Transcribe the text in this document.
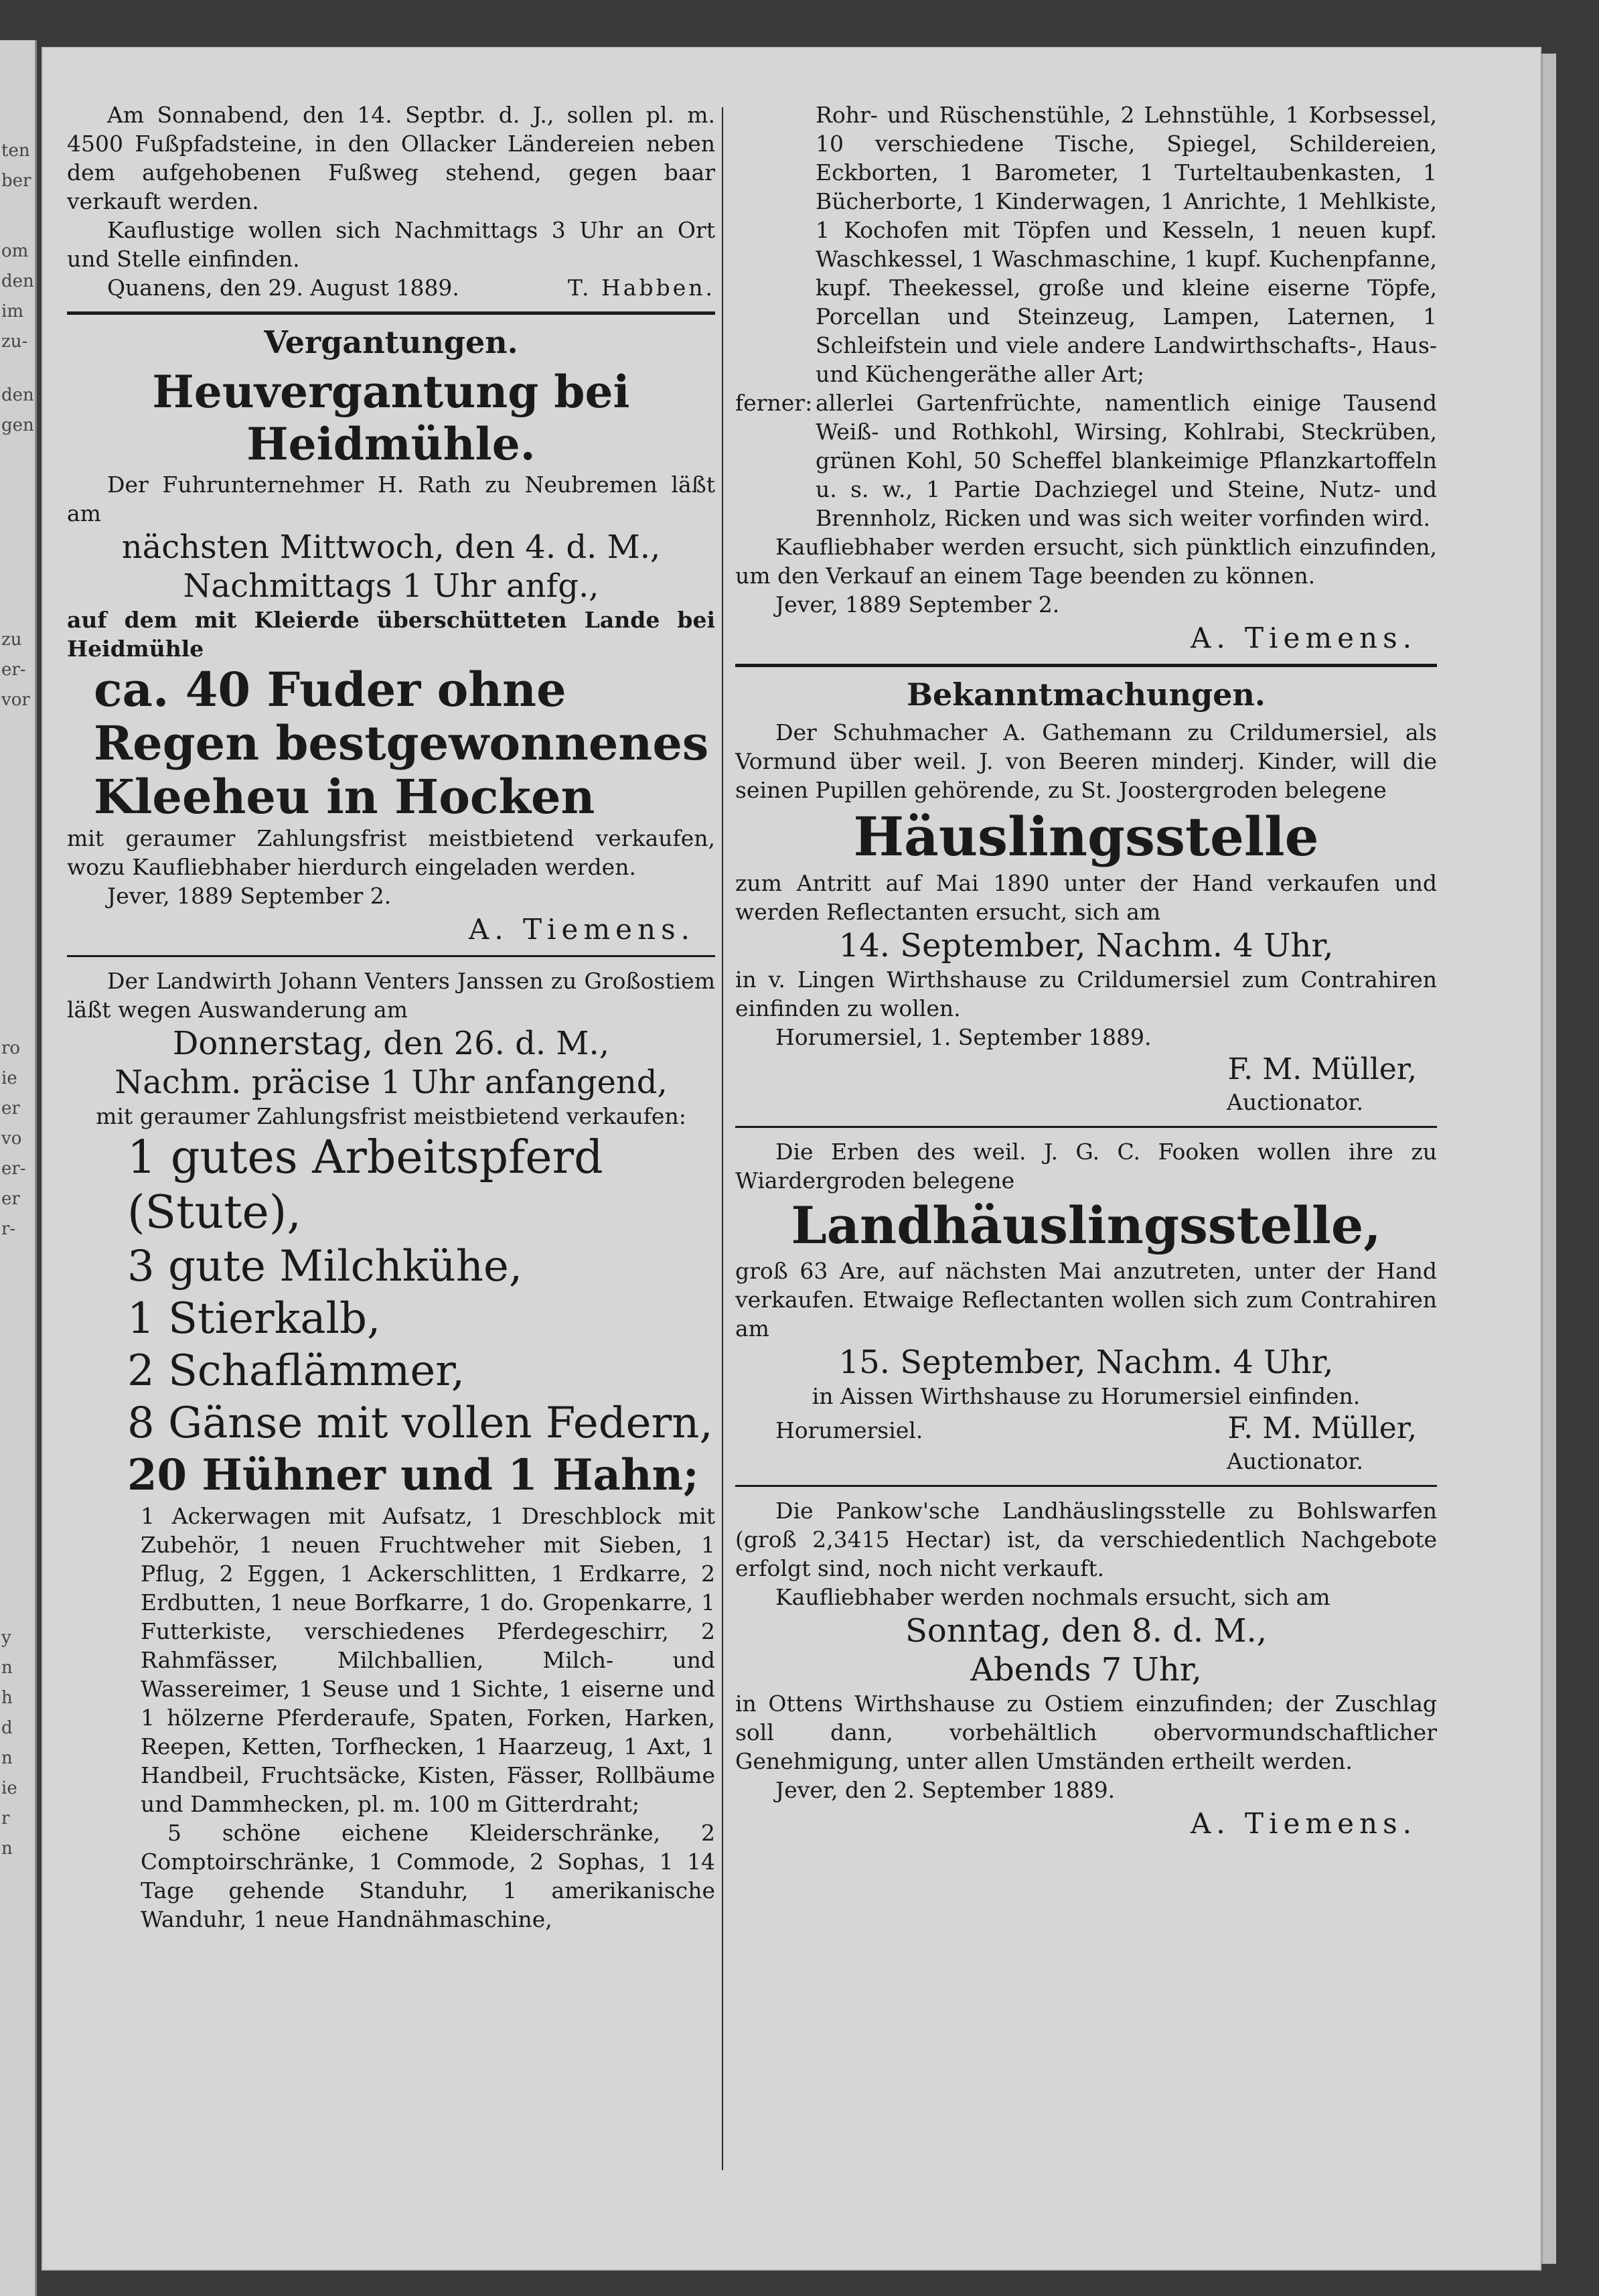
ten
ber
om
den
im
zu-
den
gen
zu
er-
vor
ro
ie
er
vo
er-
er
r-
y
n
h
d
n
ie
r
n

Am Sonnabend, den 14. Septbr. d. J., sollen pl. m. 4500 Fußpfadsteine, in den Ollacker Ländereien neben dem aufgehobenen Fußweg stehend, gegen baar verkauft werden.

Kauflustige wollen sich Nachmittags 3 Uhr an Ort und Stelle einfinden.

Quanens, den 29. August 1889.	T. Habben.

Vergantungen.

Heuvergantung bei Heidmühle.

Der Fuhrunternehmer H. Rath zu Neubremen läßt am

nächsten Mittwoch, den 4. d. M.,

Nachmittags 1 Uhr anfg.,

auf dem mit Kleierde überschütteten Lande bei Heidmühle

ca. 40 Fuder ohne Regen bestgewonnenes Kleeheu in Hocken

mit geraumer Zahlungsfrist meistbietend verkaufen, wozu Kaufliebhaber hierdurch eingeladen werden.

Jever, 1889 September 2.

A. Tiemens.

Der Landwirth Johann Venters Janssen zu Großostiem läßt wegen Auswanderung am

Donnerstag, den 26. d. M.,

Nachm. präcise 1 Uhr anfangend,

mit geraumer Zahlungsfrist meistbietend verkaufen:

1 gutes Arbeitspferd (Stute),

3 gute Milchkühe,

1 Stierkalb,

2 Schaflämmer,

8 Gänse mit vollen Federn,

20 Hühner und 1 Hahn;

1 Ackerwagen mit Aufsatz, 1 Dreschblock mit Zubehör, 1 neuen Fruchtweher mit Sieben, 1 Pflug, 2 Eggen, 1 Ackerschlitten, 1 Erdkarre, 2 Erdbutten, 1 neue Borfkarre, 1 do. Gropenkarre, 1 Futterkiste, verschiedenes Pferdegeschirr, 2 Rahmfässer, Milchballien, Milch- und Wassereimer, 1 Seuse und 1 Sichte, 1 eiserne und 1 hölzerne Pferderaufe, Spaten, Forken, Harken, Reepen, Ketten, Torfhecken, 1 Haarzeug, 1 Axt, 1 Handbeil, Fruchtsäcke, Kisten, Fässer, Rollbäume und Dammhecken, pl. m. 100 m Gitterdraht;

5 schöne eichene Kleiderschränke, 2 Comptoirschränke, 1 Commode, 2 Sophas, 1 14 Tage gehende Standuhr, 1 amerikanische Wanduhr, 1 neue Handnähmaschine,

Rohr- und Rüschenstühle, 2 Lehnstühle, 1 Korbsessel, 10 verschiedene Tische, Spiegel, Schildereien, Eckborten, 1 Barometer, 1 Turteltaubenkasten, 1 Bücherborte, 1 Kinderwagen, 1 Anrichte, 1 Mehlkiste, 1 Kochofen mit Töpfen und Kesseln, 1 neuen kupf. Waschkessel, 1 Waschmaschine, 1 kupf. Kuchenpfanne, kupf. Theekessel, große und kleine eiserne Töpfe, Porcellan und Steinzeug, Lampen, Laternen, 1 Schleifstein und viele andere Landwirthschafts-, Haus- und Küchengeräthe aller Art;

ferner: allerlei Gartenfrüchte, namentlich einige Tausend Weiß- und Rothkohl, Wirsing, Kohlrabi, Steckrüben, grünen Kohl, 50 Scheffel blankeimige Pflanzkartoffeln u. s. w., 1 Partie Dachziegel und Steine, Nutz- und Brennholz, Ricken und was sich weiter vorfinden wird.

Kaufliebhaber werden ersucht, sich pünktlich einzufinden, um den Verkauf an einem Tage beenden zu können.

Jever, 1889 September 2.

A. Tiemens.

Bekanntmachungen.

Der Schuhmacher A. Gathemann zu Crildumersiel, als Vormund über weil. J. von Beeren minderj. Kinder, will die seinen Pupillen gehörende, zu St. Joostergroden belegene

Häuslingsstelle

zum Antritt auf Mai 1890 unter der Hand verkaufen und werden Reflectanten ersucht, sich am

14. September, Nachm. 4 Uhr,

in v. Lingen Wirthshause zu Crildumersiel zum Contrahiren einfinden zu wollen.

Horumersiel, 1. September 1889.

F. M. Müller,

Auctionator.

Die Erben des weil. J. G. C. Fooken wollen ihre zu Wiardergroden belegene

Landhäuslingsstelle,

groß 63 Are, auf nächsten Mai anzutreten, unter der Hand verkaufen. Etwaige Reflectanten wollen sich zum Contrahiren am

15. September, Nachm. 4 Uhr,

in Aissen Wirthshause zu Horumersiel einfinden.

Horumersiel.	F. M. Müller,

Auctionator.

Die Pankow'sche Landhäuslingsstelle zu Bohlswarfen (groß 2,3415 Hectar) ist, da verschiedentlich Nachgebote erfolgt sind, noch nicht verkauft.

Kaufliebhaber werden nochmals ersucht, sich am

Sonntag, den 8. d. M.,

Abends 7 Uhr,

in Ottens Wirthshause zu Ostiem einzufinden; der Zuschlag soll dann, vorbehältlich obervormundschaftlicher Genehmigung, unter allen Umständen ertheilt werden.

Jever, den 2. September 1889.

A. Tiemens.
